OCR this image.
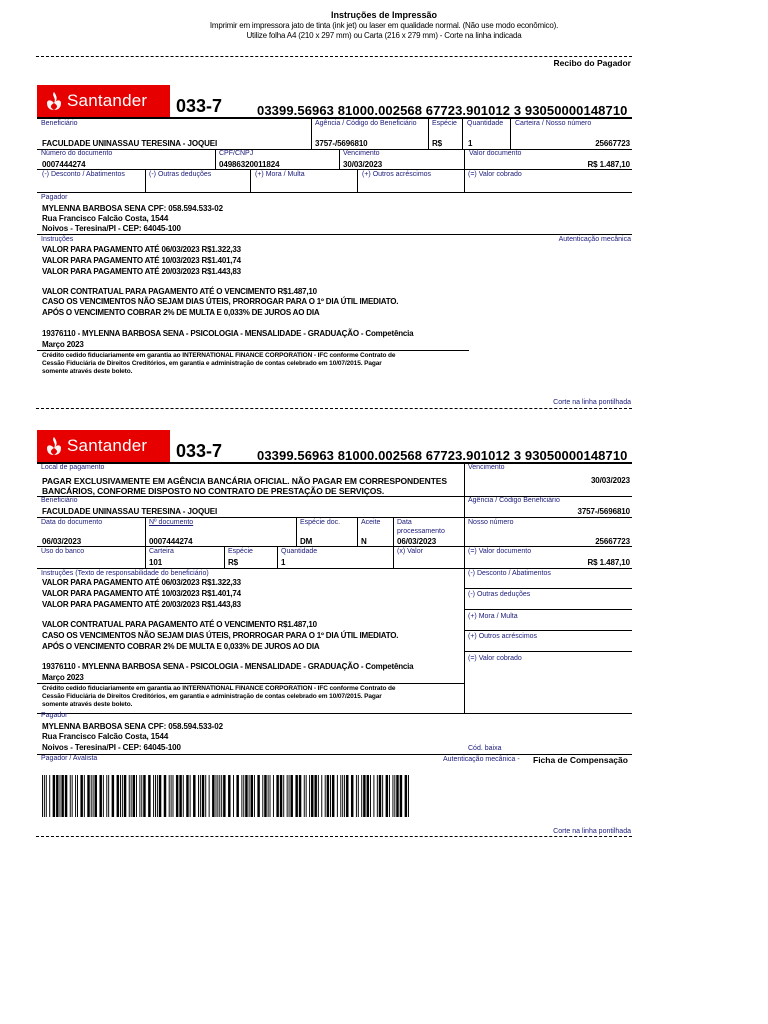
Instruções de Impressão
Imprimir em impressora jato de tinta (ink jet) ou laser em qualidade normal. (Não use modo econômico).
Utilize folha A4 (210 x 297 mm) ou Carta (216 x 279 mm) - Corte na linha indicada
Recibo do Pagador
Santander 033-7	03399.56963 81000.002568 67723.901012 3 93050000148710
Beneficiário
FACULDADE UNINASSAU TERESINA - JOQUEI
Agência / Código do Beneficiário
3757-/5696810
Espécie
R$
Quantidade
1
Carteira / Nosso número
25667723
Número do documento
0007444274
CPF/CNPJ
04986320011824
Vencimento
30/03/2023
Valor documento
R$ 1.487,10
(-) Desconto / Abatimentos	(-) Outras deduções	(+) Mora / Multa	(+) Outros acréscimos	(=) Valor cobrado
Pagador
MYLENNA BARBOSA SENA CPF: 058.594.533-02
Rua Francisco Falcão Costa, 1544
Noivos - Teresina/PI - CEP: 64045-100
Instruções	Autenticação mecânica
VALOR PARA PAGAMENTO ATÉ 06/03/2023 R$1.322,33
VALOR PARA PAGAMENTO ATÉ 10/03/2023 R$1.401,74
VALOR PARA PAGAMENTO ATÉ 20/03/2023 R$1.443,83
VALOR CONTRATUAL PARA PAGAMENTO ATÉ O VENCIMENTO R$1.487,10
CASO OS VENCIMENTOS NÃO SEJAM DIAS ÚTEIS, PRORROGAR PARA O 1º DIA ÚTIL IMEDIATO.
APÓS O VENCIMENTO COBRAR 2% DE MULTA E 0,033% DE JUROS AO DIA
19376110 - MYLENNA BARBOSA SENA - PSICOLOGIA - MENSALIDADE - GRADUAÇÃO - Competência
Março 2023
Crédito cedido fiduciariamente em garantia ao INTERNATIONAL FINANCE CORPORATION - IFC conforme Contrato de
Cessão Fiduciária de Direitos Creditórios, em garantia e administração de contas celebrado em 10/07/2015. Pagar
somente através deste boleto.
Corte na linha pontilhada
Santander 033-7	03399.56963 81000.002568 67723.901012 3 93050000148710
Local de pagamento
PAGAR EXCLUSIVAMENTE EM AGÊNCIA BANCÁRIA OFICIAL. NÃO PAGAR EM CORRESPONDENTES
BANCÁRIOS, CONFORME DISPOSTO NO CONTRATO DE PRESTAÇÃO DE SERVIÇOS.
Vencimento
30/03/2023
Beneficiário
FACULDADE UNINASSAU TERESINA - JOQUEI
Agência / Código Beneficiário
3757-/5696810
Data do documento
06/03/2023
Nº documento
0007444274
Espécie doc.
DM
Aceite
N
Data
processamento
06/03/2023
Nosso número
25667723
Uso do banco	Carteira
101
Espécie
R$
Quantidade
1
(x) Valor	(=) Valor documento
R$ 1.487,10
Instruções (Texto de responsabilidade do beneficiário)
VALOR PARA PAGAMENTO ATÉ 06/03/2023 R$1.322,33
VALOR PARA PAGAMENTO ATÉ 10/03/2023 R$1.401,74
VALOR PARA PAGAMENTO ATÉ 20/03/2023 R$1.443,83
VALOR CONTRATUAL PARA PAGAMENTO ATÉ O VENCIMENTO R$1.487,10
CASO OS VENCIMENTOS NÃO SEJAM DIAS ÚTEIS, PRORROGAR PARA O 1º DIA ÚTIL IMEDIATO.
APÓS O VENCIMENTO COBRAR 2% DE MULTA E 0,033% DE JUROS AO DIA
19376110 - MYLENNA BARBOSA SENA - PSICOLOGIA - MENSALIDADE - GRADUAÇÃO - Competência
Março 2023
Crédito cedido fiduciariamente em garantia ao INTERNATIONAL FINANCE CORPORATION - IFC conforme Contrato de
Cessão Fiduciária de Direitos Creditórios, em garantia e administração de contas celebrado em 10/07/2015. Pagar
somente através deste boleto.
(-) Desconto / Abatimentos
(-) Outras deduções
(+) Mora / Multa
(+) Outros acréscimos
(=) Valor cobrado
Pagador
MYLENNA BARBOSA SENA CPF: 058.594.533-02
Rua Francisco Falcão Costa, 1544
Noivos - Teresina/PI - CEP: 64045-100	Cód. baixa
Pagador / Avalista	Autenticação mecânica - Ficha de Compensação
Corte na linha pontilhada
